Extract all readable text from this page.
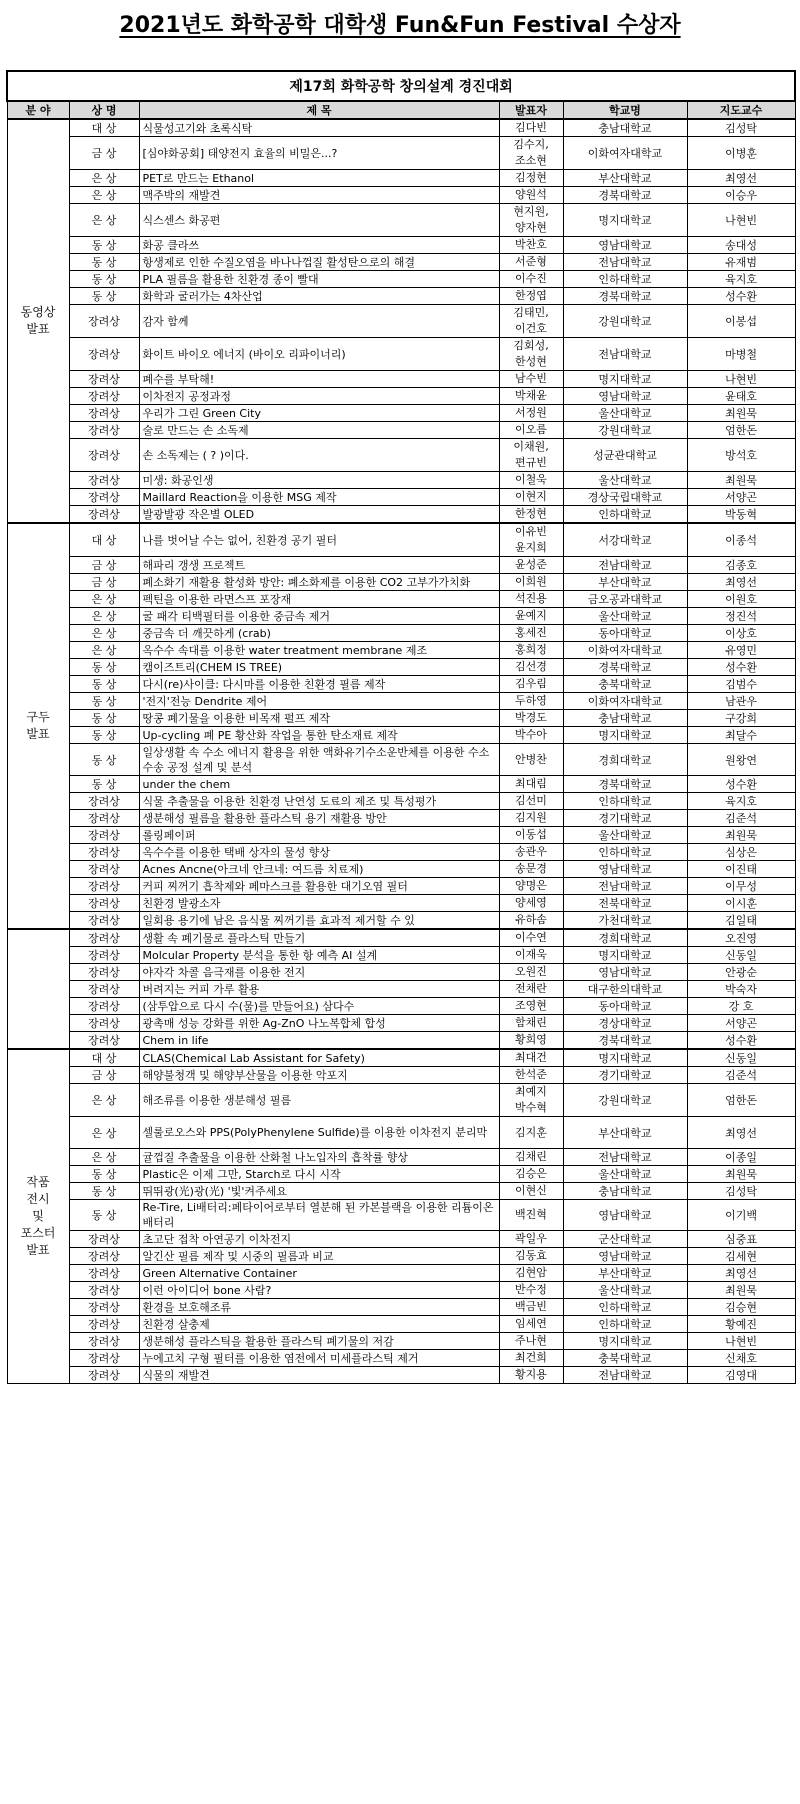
2021년도 화학공학 대학생 Fun&Fun Festival 수상자
제17회 화학공학 창의설계 경진대회					
분 야	상 명	제 목	발표자	학교명	지도교수
동영상
발표	대 상	식물성고기와 초록식탁	김다빈	충남대학교	김성탁
	금 상	[심야화공회] 태양전지 효율의 비밀은...?	김수지,
조소현	이화여자대학교	이병훈
	은 상	PET로 만드는 Ethanol	김정현	부산대학교	최영선
	은 상	맥주박의 재발견	양원석	경북대학교	이승우
	은 상	식스센스 화공편	현지원,
양자현	명지대학교	나현빈
	동 상	화공 클라쓰	박찬호	영남대학교	송대성
	동 상	항생제로 인한 수질오염을 바나나껍질 활성탄으로의 해결	서준형	전남대학교	유재범
	동 상	PLA 필름을 활용한 친환경 종이 빨대	이수진	인하대학교	육지호
	동 상	화학과 굴러가는 4차산업	한정엽	경북대학교	성수환
	장려상	감자 함께	김태민,
이건호	강원대학교	이봉섭
	장려상	화이트 바이오 에너지 (바이오 리파이너리)	김회성,
한성현	전남대학교	마병철
	장려상	폐수를 부탁해!	남수빈	명지대학교	나현빈
	장려상	이차전지 공정과정	박채윤	영남대학교	윤태호
	장려상	우리가 그린 Green City	서정원	울산대학교	최원묵
	장려상	술로 만드는 손 소독제	이오름	강원대학교	엄한돈
	장려상	손 소독제는 ( ? )이다.	이채원,
편규빈	성균관대학교	방석호
	장려상	미생: 화공인생	이철욱	울산대학교	최원묵
	장려상	Maillard Reaction을 이용한 MSG 제작	이현지	경상국립대학교	서양곤
	장려상	발광발광 작은별 OLED	한정현	인하대학교	박동혁
구두
발표	대 상	나를 벗어날 수는 없어, 친환경 공기 필터	이유빈
윤지희	서강대학교	이종석
	금 상	해파리 갱생 프로젝트	윤성준	전남대학교	김종호
	금 상	폐소화기 재활용 활성화 방안: 폐소화제를 이용한 CO2 고부가가치화	이희원	부산대학교	최영선
	은 상	펙틴을 이용한 라면스프 포장재	석진용	금오공과대학교	이원호
	은 상	굴 패각 티백필터를 이용한 중금속 제거	윤예지	울산대학교	정진석
	은 상	중금속 더 깨끗하게 (crab)	홍세진	동아대학교	이상호
	은 상	옥수수 속대를 이용한 water treatment membrane 제조	홍희정	이화여자대학교	유영민
	동 상	캠이즈트리(CHEM IS TREE)	김선경	경북대학교	성수환
	동 상	다시(re)사이클: 다시마를 이용한 친환경 필름 제작	김우림	충북대학교	김범수
	동 상	'전지'전능 Dendrite 제어	두하영	이화여자대학교	남관우
	동 상	땅콩 폐기물을 이용한 비목재 펄프 제작	박경도	충남대학교	구강희
	동 상	Up-cycling 폐 PE 황산화 작업을 통한 탄소재료 제작	박수아	명지대학교	최달수
	동 상	일상생활 속 수소 에너지 활용을 위한 액화유기수소운반체를 이용한 수소 수송 공정 설계 및 분석	안병찬	경희대학교	원왕연
	동 상	under the chem	최대림	경북대학교	성수환
	장려상	식물 추출물을 이용한 친환경 난연성 도료의 제조 및 특성평가	김선미	인하대학교	육지호
	장려상	생분해성 필름을 활용한 플라스틱 용기 재활용 방안	김지원	경기대학교	김준석
	장려상	롤링페이퍼	이동섭	울산대학교	최원묵
	장려상	옥수수를 이용한 택배 상자의 물성 향상	송관우	인하대학교	심상은
	장려상	Acnes Ancne(아크네 안크네: 여드름 치료제)	송문경	영남대학교	이진태
	장려상	커피 찌꺼기 흡착제와 페마스크를 활용한 대기오염 필터	양명은	전남대학교	이무성
	장려상	친환경 발광소자	양세영	전북대학교	이시훈
	장려상	일회용 용기에 남은 음식물 찌꺼기를 효과적 제거할 수 있	유하솜	가천대학교	김일태
	장려상	생활 속 폐기물로 플라스틱 만들기	이수연	경희대학교	오진영
	장려상	Molcular Property 분석을 통한 항 예측 AI 설계	이재욱	명지대학교	신동일
	장려상	야자각 차콜 음극재를 이용한 전지	오원진	영남대학교	안광순
	장려상	버려지는 커피 가루 활용	전채란	대구한의대학교	박숙자
	장려상	(삼투압으로 다시 수(물)를 만들어요) 삼다수	조영현	동아대학교	강 호
	장려상	광촉매 성능 강화를 위한 Ag-ZnO 나노복합체 합성	함채린	경상대학교	서양곤
	장려상	Chem in life	황희영	경북대학교	성수환
작품
전시
및
포스터
발표	대 상	CLAS(Chemical Lab Assistant for Safety)	최대건	명지대학교	신동일
	금 상	해양불청객 및 해양부산물을 이용한 악포지	한석준	경기대학교	김준석
	은 상	해조류를 이용한 생분해성 필름	최예지
박수혁	강원대학교	엄한돈
	은 상	셀룰로오스와 PPS(PolyPhenylene Sulfide)를 이용한 이차전지 분리막	김지훈	부산대학교	최영선
	은 상	귤껍질 추출물을 이용한 산화철 나노입자의 흡착률 향상	김채린	전남대학교	이종일
	동 상	Plastic은 이제 그만, Starch로 다시 시작	김승은	울산대학교	최원묵
	동 상	뛰뛰광(光)광(光) '빛'켜주세요	이현신	충남대학교	김성탁
	동 상	Re-Tire, Li배터리:페타이어로부터 열분해 된 카본블랙을 이용한 리튬이온배터리	백진혁	영남대학교	이기백
	장려상	초고단 접착 아연공기 이차전지	곽일우	군산대학교	심중표
	장려상	알긴산 필름 제작 및 시중의 필름과 비교	김동효	영남대학교	김세현
	장려상	Green Alternative Container	김현암	부산대학교	최영선
	장려상	이런 아이디어 bone 사람?	반수정	울산대학교	최원묵
	장려상	환경을 보호해조류	백금빈	인하대학교	김승현
	장려상	친환경 살충제	임세연	인하대학교	황예진
	장려상	생분해성 플라스틱을 활용한 플라스틱 폐기물의 저감	주나현	명지대학교	나현빈
	장려상	누에고치 구형 필터를 이용한 염전에서 미세플라스틱 제거	최건희	충북대학교	신채호
	장려상	식물의 재발견	황지용	전남대학교	김영대
